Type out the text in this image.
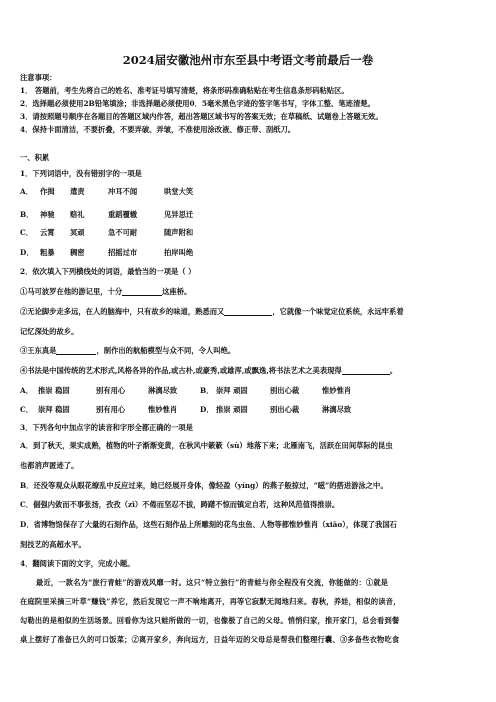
2024届安徽池州市东至县中考语文考前最后一卷
注意事项：
1． 答题前，考生先将自己的姓名、准考证号填写清楚，将条形码准确粘贴在考生信息条形码粘贴区。
2．选择题必须使用2B铅笔填涂；非选择题必须使用0．5毫米黑色字迹的签字笔书写，字体工整、笔迹清楚。
3．请按照题号顺序在各题目的答题区域内作答，超出答题区域书写的答案无效；在草稿纸、试题卷上答题无效。
4．保持卡面清洁，不要折叠，不要弄破、弄皱，不准使用涂改液、修正带、刮纸刀。
一、积累
1．下列词语中，没有错别字的一项是
A． 作揖 遣责	冲耳不闻	哄堂大笑
B． 神驰 赔礼	重蹈覆辙	见异思迁
C． 云霄 冥顽	急不可耐	随声附和
D． 粗暴 稠密	招摇过市	拍岸叫绝
2．依次填入下列横线处的词语，最恰当的一项是（ ）
①马可波罗在他的游记里，十分	这座桥。
②无论脚步走多远，在人的脑海中，只有故乡的味道，熟悉而又	，它就像一个味觉定位系统，永远牢系着
记忆深处的故乡。
③王东真是	，制作出的航船模型与众不同，令人叫绝。
④书法是中国传统的艺术形式,风格各异的作品,或古朴,或豪秀,或雄浑,或飘逸,将书法艺术之美表现得	。
A． 推崇 稳固	别有用心	淋漓尽致	B． 崇拜 顽固	别出心裁	惟妙惟肖
C． 崇拜 稳固	别有用心	惟妙惟肖	D． 推崇 顽固	别出心裁	淋漓尽致
3．下列各句中加点字的读音和字形全都正确的一项是
A．到了秋天，果实成熟，植物的叶子渐渐变黄，在秋风中簌簌（sù）地落下来；北雁南飞，活跃在田间草际的昆虫
也都消声匿迹了。
B．还没等观众从眼花缭乱中反应过来，她已经展开身体，像轻盈（yíng）的燕子般掠过，“嗞”的搭进游泳之中。
C．倔强内敛而不事张扬，孜孜（zī）不倦而坚忍不拔，踌躇不惊而镇定自若，这种风范值得推崇。
D．省博物馆保存了大量的石刻作品，这些石刻作品上所雕刻的花鸟虫鱼、人物等都惟妙惟肖（xiāo），体现了我国石
刻技艺的高超水平。
4．翻阅读下面的文字，完成小题。
最近，一款名为“旅行青蛙”的游戏风靡一时。这只“特立独行”的青蛙与你全程没有交流，你能做的：①就是
在庭院里采摘三叶草“赚钱”养它，然后发现它一声不响地离开，再等它寂默无闻地归来。春秋，养娃，相似的读音，
勾勒出的是相似的生活场景。回看你为这只蛙所做的一切，也像极了自己的父母。悄悄归家，推开家门，总会看到餐
桌上摆好了准备已久的可口饭菜；②离开家乡，奔向远方，日益年迈的父母总是帮我们整理行囊、③多备些衣物吃食
